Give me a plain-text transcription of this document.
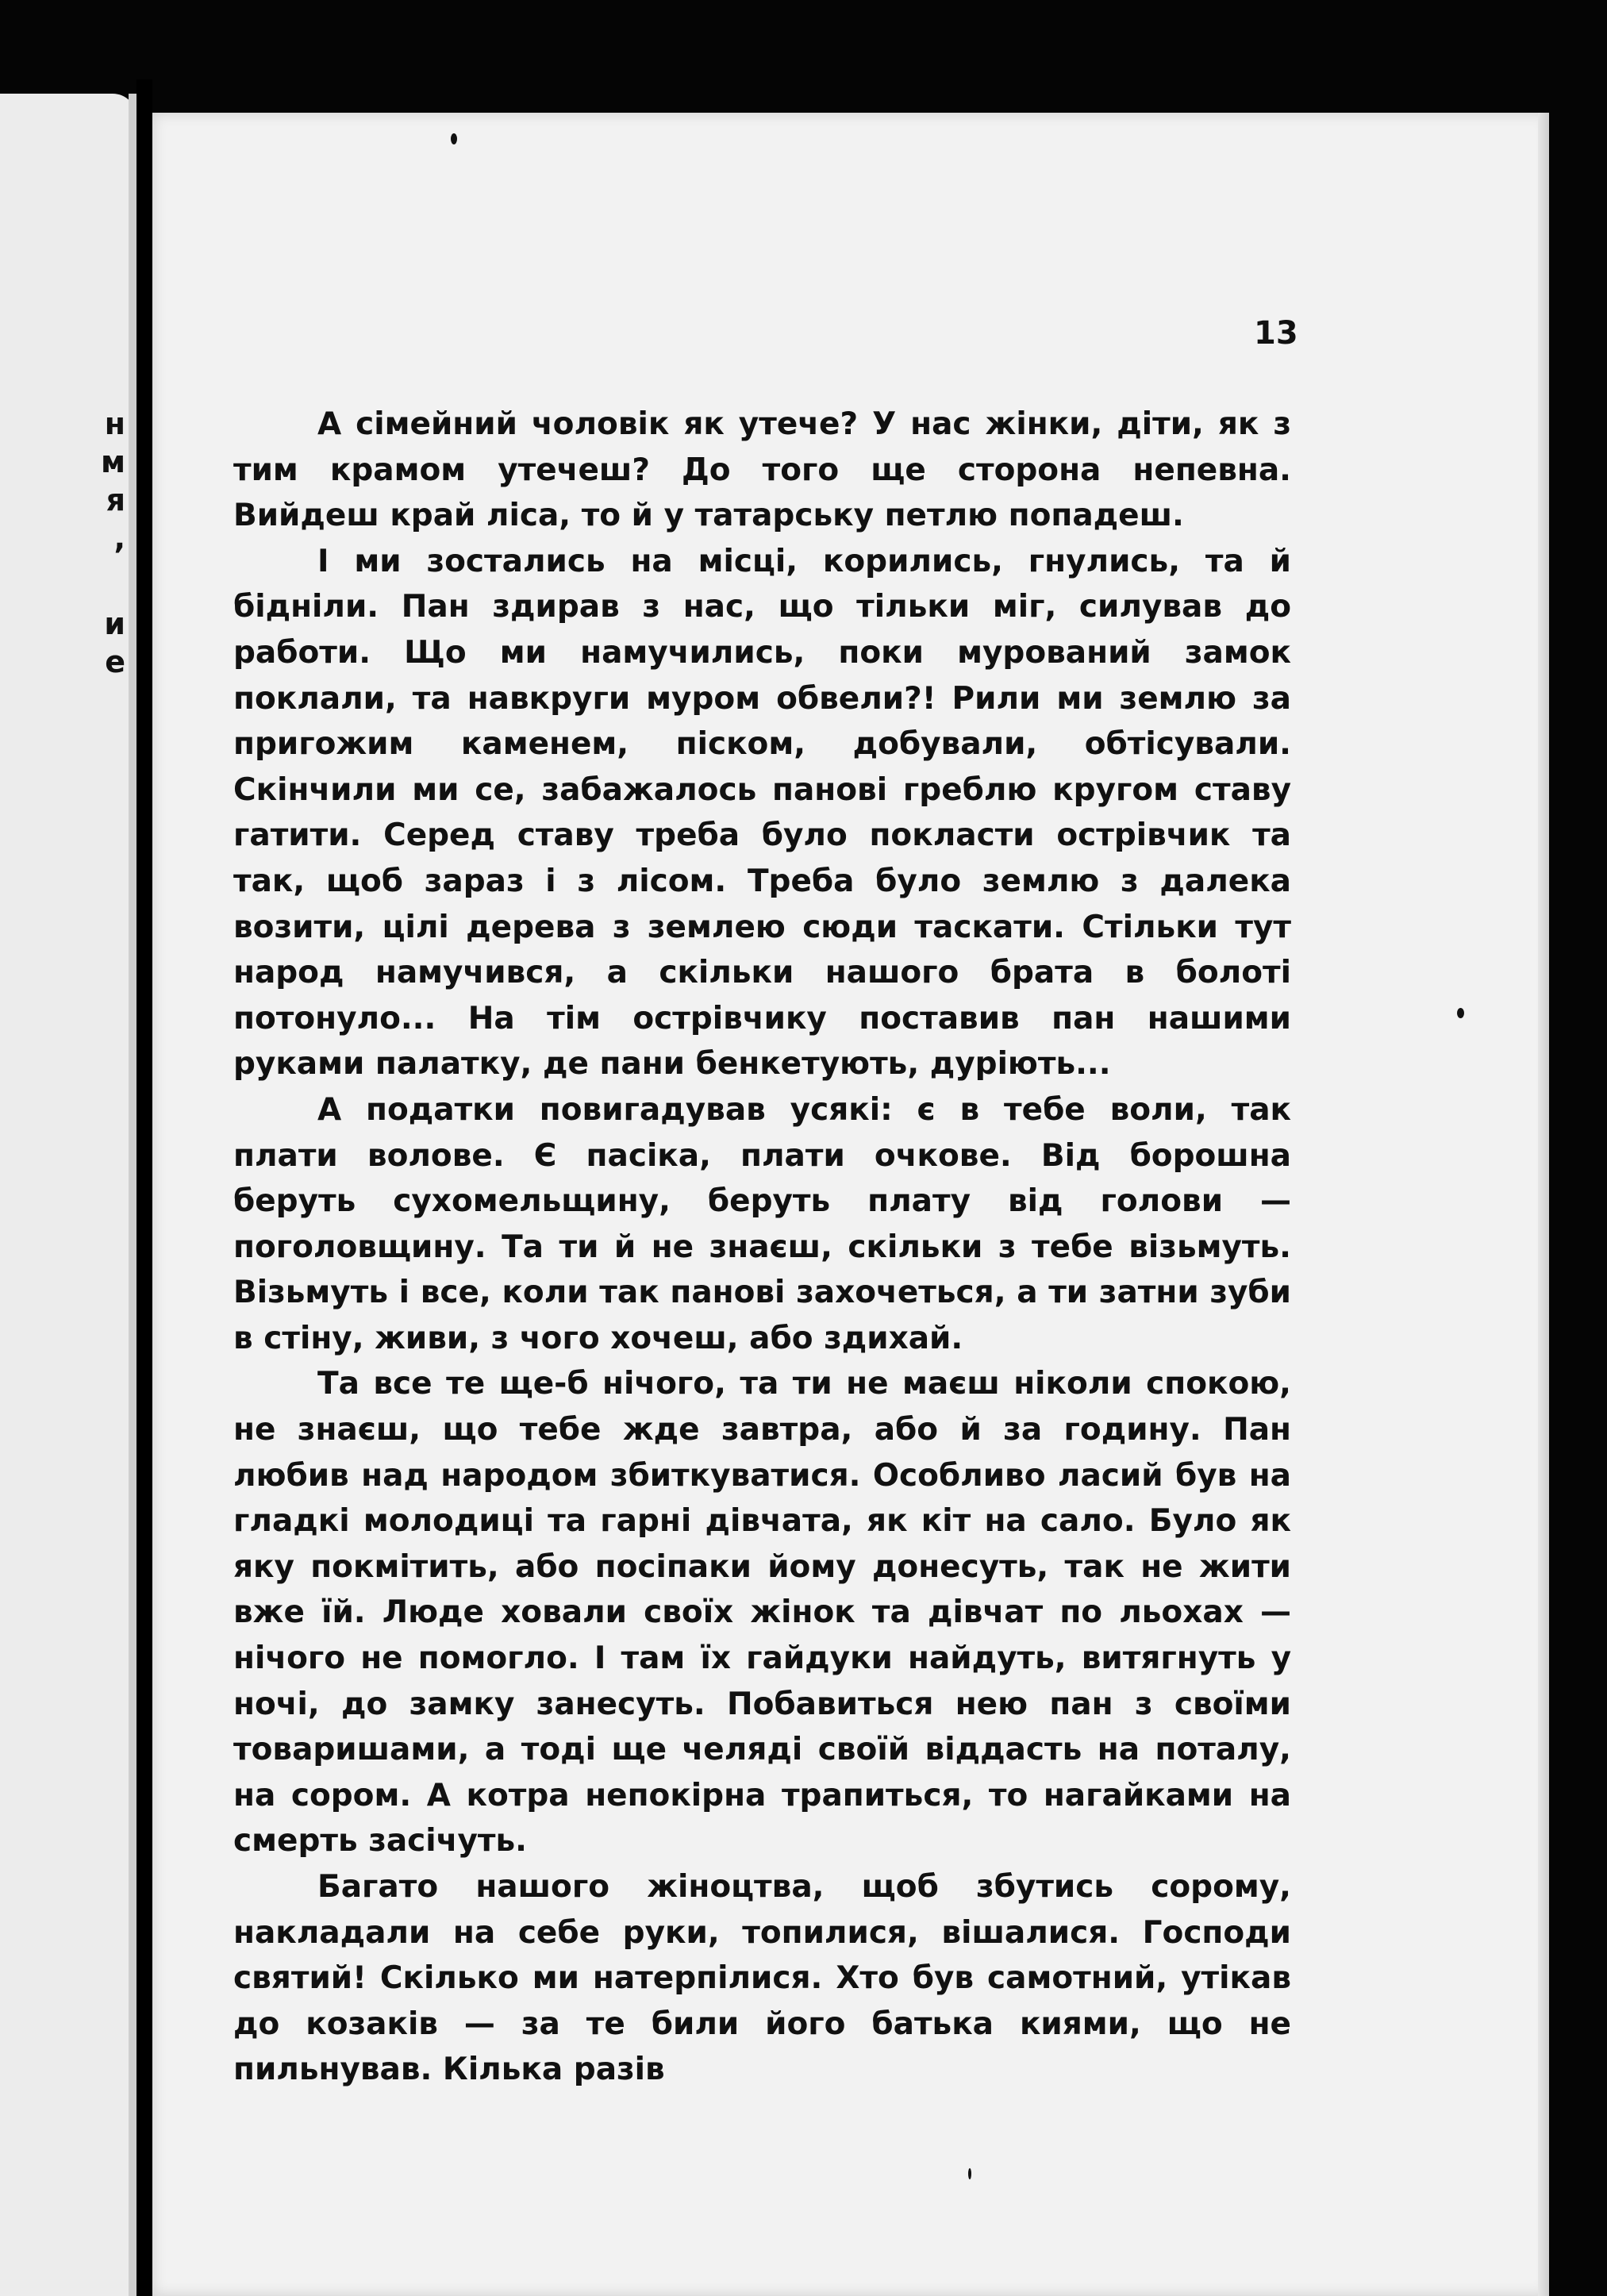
н
м
я
,
и
е
13

А сімейний чоловік як утече? У нас жінки, діти, як з тим крамом утечеш? До того ще сторона непевна. Вийдеш край ліса, то й у татарську петлю попадеш.

І ми зостались на місці, корились, гнулись, та й бідніли. Пан здирав з нас, що тільки міг, силував до работи. Що ми намучились, поки мурований замок поклали, та навкруги муром обвели?! Рили ми землю за пригожим каменем, піском, добували, обтісували. Скінчили ми се, забажалось панові греблю кругом ставу гатити. Серед ставу треба було покласти острівчик та так, щоб зараз і з лісом. Треба було землю з далека возити, цілі дерева з землею сюди таскати. Стільки тут народ намучився, а скільки нашого брата в болоті потонуло... На тім острівчику поставив пан нашими руками палатку, де пани бенкетують, дуріють...

А податки повигадував усякі: є в тебе воли, так плати волове. Є пасіка, плати очкове. Від борошна беруть сухомельщину, беруть плату від голови — поголовщину. Та ти й не знаєш, скільки з тебе візьмуть. Візьмуть і все, коли так панові захочеться, а ти затни зуби в стіну, живи, з чого хочеш, або здихай.

Та все те ще-б нічого, та ти не маєш ніколи спокою, не знаєш, що тебе жде завтра, або й за годину. Пан любив над народом збиткуватися. Особливо ласий був на гладкі молодиці та гарні дівчата, як кіт на сало. Було як яку покмітить, або посіпаки йому донесуть, так не жити вже їй. Люде ховали своїх жінок та дівчат по льохах — нічого не помогло. І там їх гайдуки найдуть, витягнуть у ночі, до замку занесуть. Побавиться нею пан з своїми товаришами, а тоді ще челяді своїй віддасть на поталу, на сором. А котра непокірна трапиться, то нагайками на смерть засічуть.

Багато нашого жіноцтва, щоб збутись сорому, накладали на себе руки, топилися, вішалися. Господи святий! Скілько ми натерпілися. Хто був самотний, утікав до козаків — за те били його батька киями, що не пильнував. Кілька разів
